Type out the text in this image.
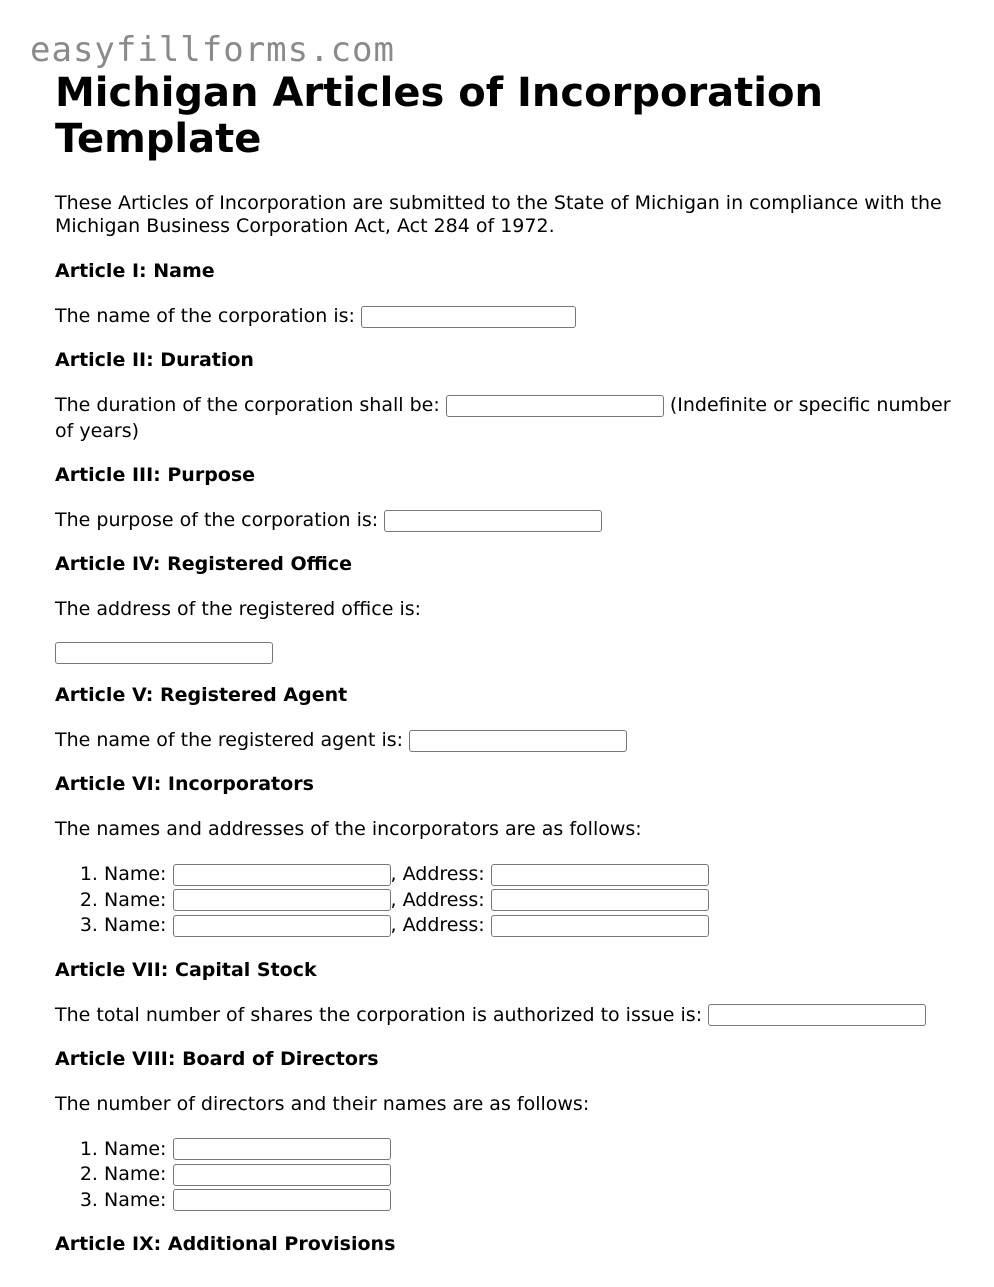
easyfillforms.com
Michigan Articles of Incorporation Template

These Articles of Incorporation are submitted to the State of Michigan in compliance with the Michigan Business Corporation Act, Act 284 of 1972.

Article I: Name
The name of the corporation is:
Article II: Duration
The duration of the corporation shall be:	(Indefinite or specific number of years)
Article III: Purpose
The purpose of the corporation is:
Article IV: Registered Office
The address of the registered office is:
Article V: Registered Agent
The name of the registered agent is:
Article VI: Incorporators
The names and addresses of the incorporators are as follows:
1. Name:	, Address:
2. Name:	, Address:
3. Name:	, Address:
Article VII: Capital Stock
The total number of shares the corporation is authorized to issue is:
Article VIII: Board of Directors
The number of directors and their names are as follows:
1. Name:
2. Name:
3. Name:
Article IX: Additional Provisions
